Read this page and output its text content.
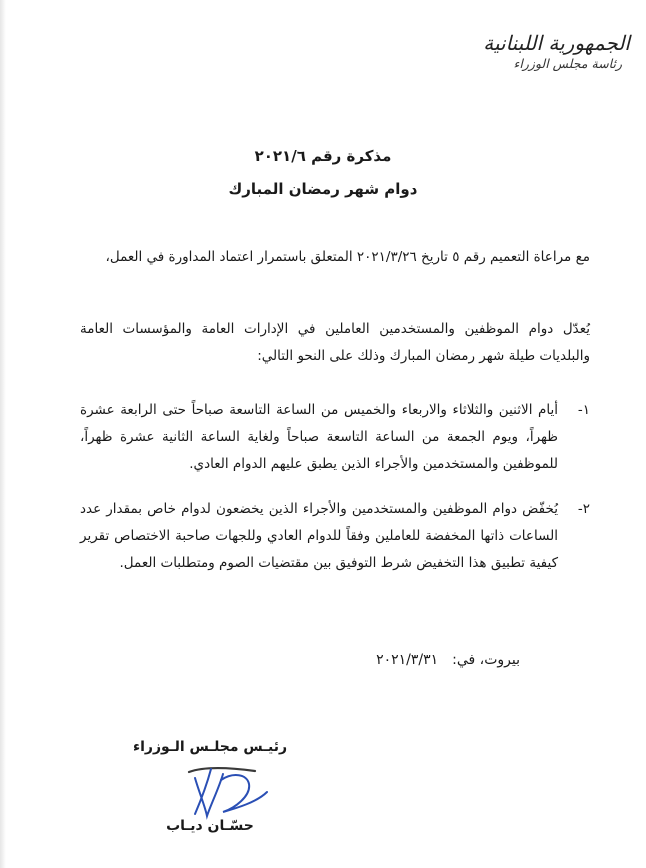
الجمهورية اللبنانية
رئاسة مجلس الوزراء
مذكرة رقم ٢٠٢١/٦
دوام شهر رمضان المبارك

مع مراعاة التعميم رقم ٥ تاريخ ٢٠٢١/٣/٢٦ المتعلق باستمرار اعتماد المداورة في العمل،

يُعدّل دوام الموظفين والمستخدمين العاملين في الإدارات العامة والمؤسسات العامة والبلديات طيلة شهر رمضان المبارك وذلك على النحو التالي:

١-

أيام الاثنين والثلاثاء والاربعاء والخميس من الساعة التاسعة صباحاً حتى الرابعة عشرة ظهراً، ويوم الجمعة من الساعة التاسعة صباحاً ولغاية الساعة الثانية عشرة ظهراً، للموظفين والمستخدمين والأجراء الذين يطبق عليهم الدوام العادي.

٢-

يُخفّض دوام الموظفين والمستخدمين والأجراء الذين يخضعون لدوام خاص بمقدار عدد الساعات ذاتها المخفضة للعاملين وفقاً للدوام العادي وللجهات صاحبة الاختصاص تقرير كيفية تطبيق هذا التخفيض شرط التوفيق بين مقتضيات الصوم ومتطلبات العمل.

بيروت، في:٢٠٢١/٣/٣١
رئيـس مجلـس الـوزراء
حسّـان ديـاب
